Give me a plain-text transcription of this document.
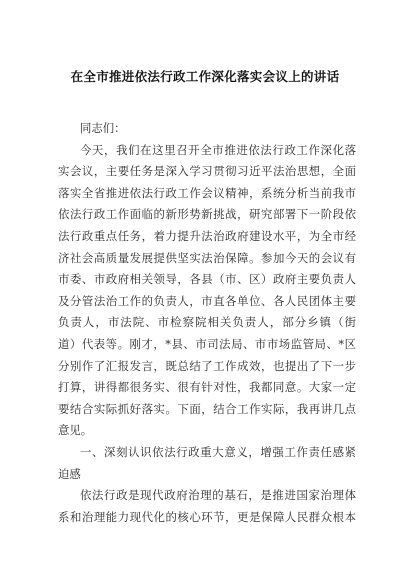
在全市推进依法行政工作深化落实会议上的讲话
同志们：
今天，我们在这里召开全市推进依法行政工作深化落
实会议，主要任务是深入学习贯彻习近平法治思想，全面
落实全省推进依法行政工作会议精神，系统分析当前我市
依法行政工作面临的新形势新挑战，研究部署下一阶段依
法行政重点任务，着力提升法治政府建设水平，为全市经
济社会高质量发展提供坚实法治保障。参加今天的会议有
市委、市政府相关领导，各县（市、区）政府主要负责人
及分管法治工作的负责人，市直各单位、各人民团体主要
负责人，市法院、市检察院相关负责人，部分乡镇（街
道）代表等。刚才，*县、市司法局、市市场监管局、*区
分别作了汇报发言，既总结了工作成效，也提出了下一步
打算，讲得都很务实、很有针对性，我都同意。大家一定
要结合实际抓好落实。下面，结合工作实际，我再讲几点
意见。
一、深刻认识依法行政重大意义，增强工作责任感紧
迫感
依法行政是现代政府治理的基石，是推进国家治理体
系和治理能力现代化的核心环节，更是保障人民群众根本
